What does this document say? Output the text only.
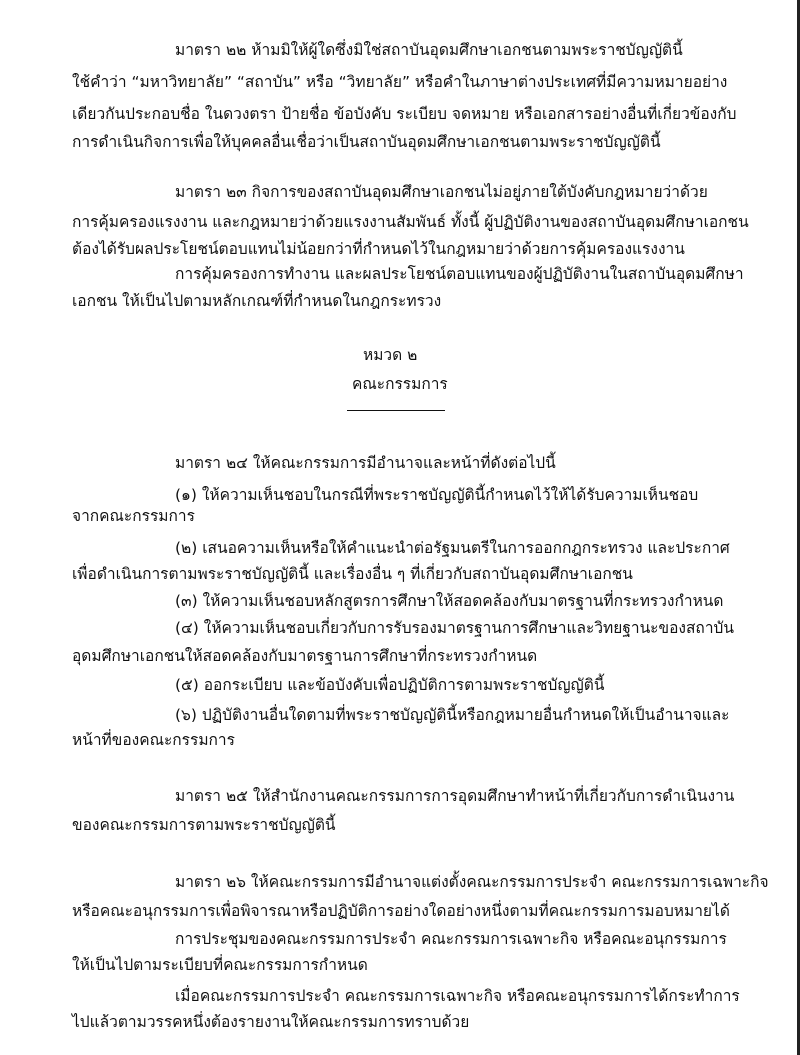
มาตรา ๒๒ ห้ามมิให้ผู้ใดซึ่งมิใช่สถาบันอุดมศึกษาเอกชนตามพระราชบัญญัตินี้
ใช้คำว่า “มหาวิทยาลัย” “สถาบัน” หรือ “วิทยาลัย” หรือคำในภาษาต่างประเทศที่มีความหมายอย่าง
เดียวกันประกอบชื่อ ในดวงตรา ป้ายชื่อ ข้อบังคับ ระเบียบ จดหมาย หรือเอกสารอย่างอื่นที่เกี่ยวข้องกับ
การดำเนินกิจการเพื่อให้บุคคลอื่นเชื่อว่าเป็นสถาบันอุดมศึกษาเอกชนตามพระราชบัญญัตินี้
มาตรา ๒๓ กิจการของสถาบันอุดมศึกษาเอกชนไม่อยู่ภายใต้บังคับกฎหมายว่าด้วย
การคุ้มครองแรงงาน และกฎหมายว่าด้วยแรงงานสัมพันธ์ ทั้งนี้ ผู้ปฏิบัติงานของสถาบันอุดมศึกษาเอกชน
ต้องได้รับผลประโยชน์ตอบแทนไม่น้อยกว่าที่กำหนดไว้ในกฎหมายว่าด้วยการคุ้มครองแรงงาน
การคุ้มครองการทำงาน และผลประโยชน์ตอบแทนของผู้ปฏิบัติงานในสถาบันอุดมศึกษา
เอกชน ให้เป็นไปตามหลักเกณฑ์ที่กำหนดในกฎกระทรวง
หมวด ๒
คณะกรรมการ
มาตรา ๒๔ ให้คณะกรรมการมีอำนาจและหน้าที่ดังต่อไปนี้
(๑) ให้ความเห็นชอบในกรณีที่พระราชบัญญัตินี้กำหนดไว้ให้ได้รับความเห็นชอบ
จากคณะกรรมการ
(๒) เสนอความเห็นหรือให้คำแนะนำต่อรัฐมนตรีในการออกกฎกระทรวง และประกาศ
เพื่อดำเนินการตามพระราชบัญญัตินี้ และเรื่องอื่น ๆ ที่เกี่ยวกับสถาบันอุดมศึกษาเอกชน
(๓) ให้ความเห็นชอบหลักสูตรการศึกษาให้สอดคล้องกับมาตรฐานที่กระทรวงกำหนด
(๔) ให้ความเห็นชอบเกี่ยวกับการรับรองมาตรฐานการศึกษาและวิทยฐานะของสถาบัน
อุดมศึกษาเอกชนให้สอดคล้องกับมาตรฐานการศึกษาที่กระทรวงกำหนด
(๕) ออกระเบียบ และข้อบังคับเพื่อปฏิบัติการตามพระราชบัญญัตินี้
(๖) ปฏิบัติงานอื่นใดตามที่พระราชบัญญัตินี้หรือกฎหมายอื่นกำหนดให้เป็นอำนาจและ
หน้าที่ของคณะกรรมการ
มาตรา ๒๕ ให้สำนักงานคณะกรรมการการอุดมศึกษาทำหน้าที่เกี่ยวกับการดำเนินงาน
ของคณะกรรมการตามพระราชบัญญัตินี้
มาตรา ๒๖ ให้คณะกรรมการมีอำนาจแต่งตั้งคณะกรรมการประจำ คณะกรรมการเฉพาะกิจ
หรือคณะอนุกรรมการเพื่อพิจารณาหรือปฏิบัติการอย่างใดอย่างหนึ่งตามที่คณะกรรมการมอบหมายได้
การประชุมของคณะกรรมการประจำ คณะกรรมการเฉพาะกิจ หรือคณะอนุกรรมการ
ให้เป็นไปตามระเบียบที่คณะกรรมการกำหนด
เมื่อคณะกรรมการประจำ คณะกรรมการเฉพาะกิจ หรือคณะอนุกรรมการได้กระทำการ
ไปแล้วตามวรรคหนึ่งต้องรายงานให้คณะกรรมการทราบด้วย
